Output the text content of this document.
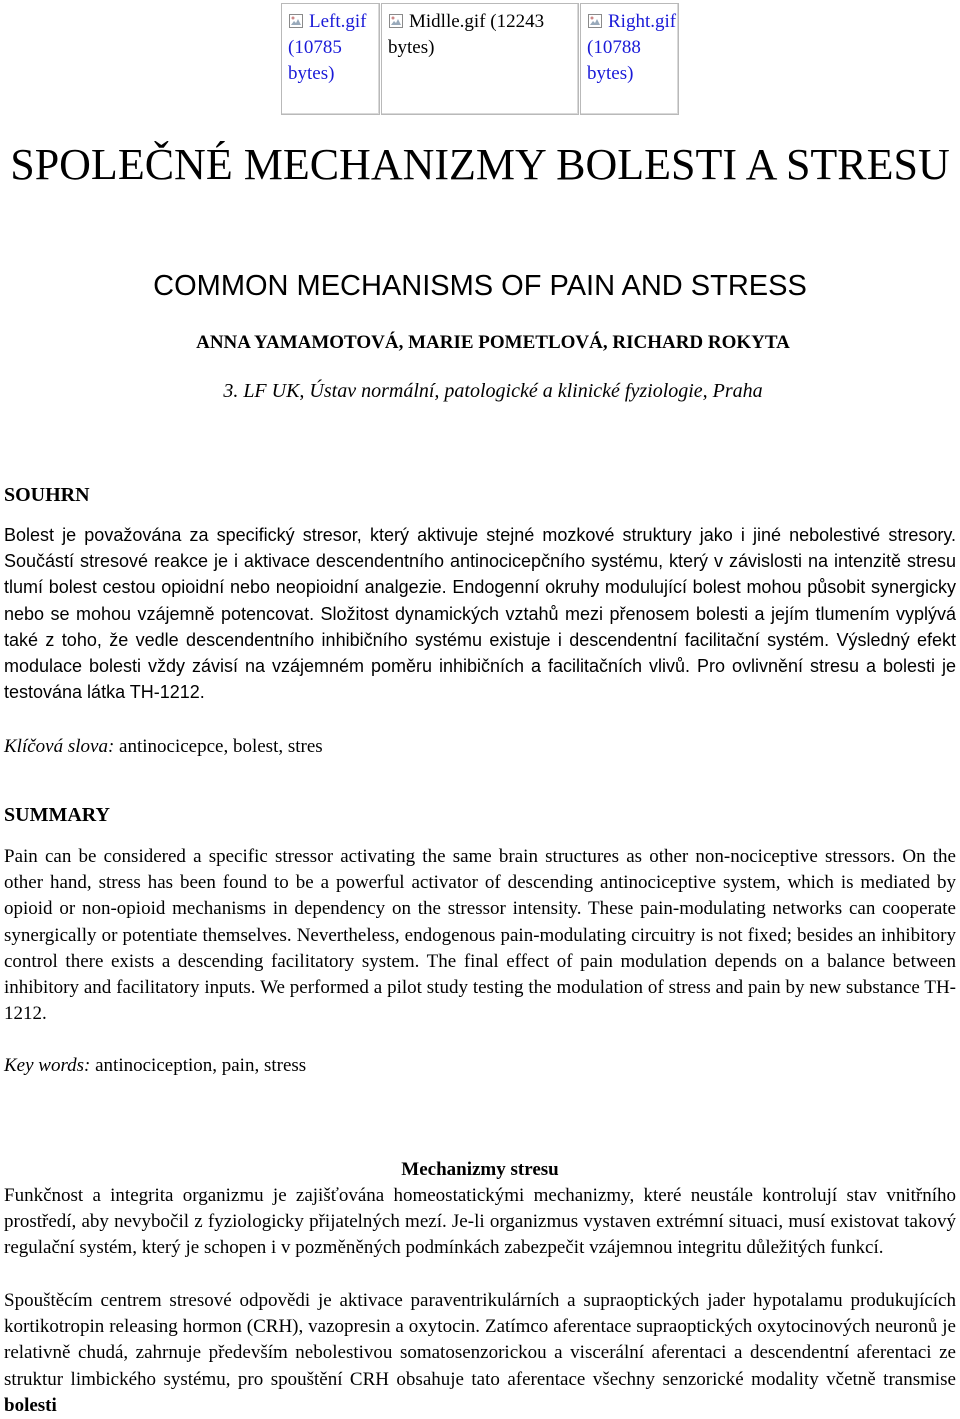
Left.gif
(10785
bytes)
Midlle.gif (12243
bytes)
Right.gif
(10788
bytes)
SPOLEČNÉ MECHANIZMY BOLESTI A STRESU
COMMON MECHANISMS OF PAIN AND STRESS
ANNA YAMAMOTOVÁ, MARIE POMETLOVÁ, RICHARD ROKYTA
3. LF UK, Ústav normální, patologické a klinické fyziologie, Praha
SOUHRN

Bolest je považována za specifický stresor, který aktivuje stejné mozkové struktury jako i jiné nebolestivé stresory. Součástí stresové reakce je i aktivace descendentního antinocicepčního systému, který v závislosti na intenzitě stresu tlumí bolest cestou opioidní nebo neopioidní analgezie. Endogenní okruhy modulující bolest mohou působit synergicky nebo se mohou vzájemně potencovat. Složitost dynamických vztahů mezi přenosem bolesti a jejím tlumením vyplývá také z toho, že vedle descendentního inhibičního systému existuje i descendentní facilitační systém. Výsledný efekt modulace bolesti vždy závisí na vzájemném poměru inhibičních a facilitačních vlivů. Pro ovlivnění stresu a bolesti je testována látka TH-1212.

Klíčová slova: antinocicepce, bolest, stres
SUMMARY

Pain can be considered a specific stressor activating the same brain structures as other non-nociceptive stressors. On the other hand, stress has been found to be a powerful activator of descending antinociceptive system, which is mediated by opioid or non-opioid mechanisms in dependency on the stressor intensity. These pain-modulating networks can cooperate synergically or potentiate themselves. Nevertheless, endogenous pain-modulating circuitry is not fixed; besides an inhibitory control there exists a descending facilitatory system. The final effect of pain modulation depends on a balance between inhibitory and facilitatory inputs. We performed a pilot study testing the modulation of stress and pain by new substance TH-1212.

Key words: antinociception, pain, stress
Mechanizmy stresu

Funkčnost a integrita organizmu je zajišťována homeostatickými mechanizmy, které neustále kontrolují stav vnitřního prostředí, aby nevybočil z fyziologicky přijatelných mezí. Je-li organizmus vystaven extrémní situaci, musí existovat takový regulační systém, který je schopen i v pozměněných podmínkách zabezpečit vzájemnou integritu důležitých funkcí.

Spouštěcím centrem stresové odpovědi je aktivace paraventrikulárních a supraoptických jader hypotalamu produkujících kortikotropin releasing hormon (CRH), vazopresin a oxytocin. Zatímco aferentace supraoptických oxytocinových neuronů je relativně chudá, zahrnuje především nebolestivou somatosenzorickou a viscerální aferentaci a descendentní aferentaci ze struktur limbického systému, pro spouštění CRH obsahuje tato aferentace všechny senzorické modality včetně transmise bolesti
